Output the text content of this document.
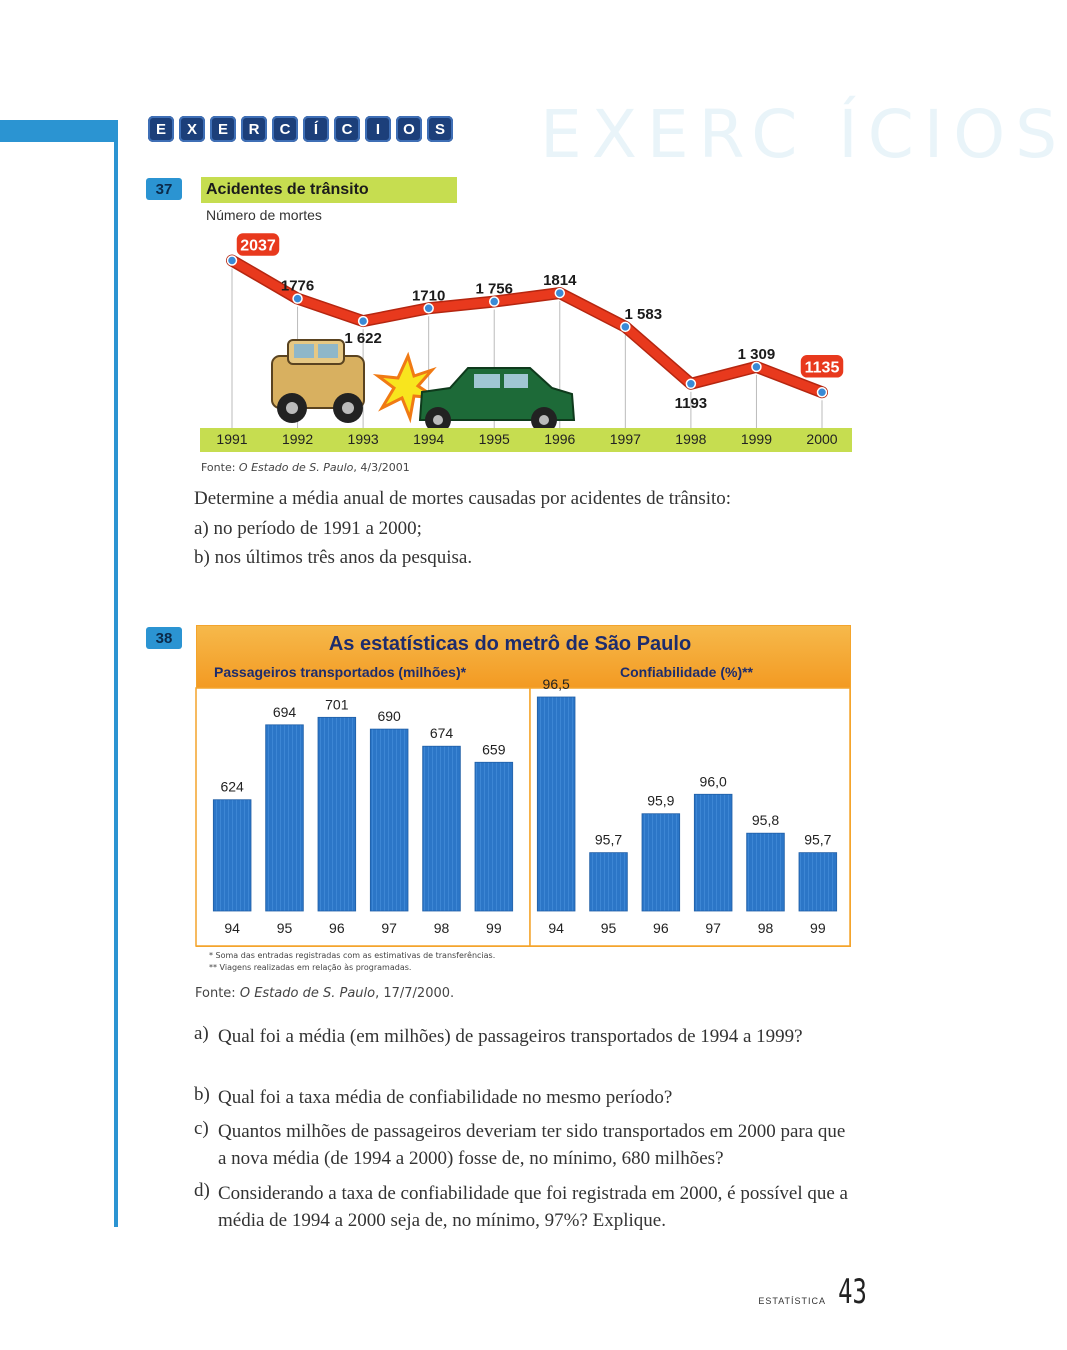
EXERC ÍCIOS
E	X	E	R	C	Í	C	I	O	S
37	Acidentes de trânsito
Número de mortes
1991 1992 1993 1994 1995 1996 1997 1998 1999 2000
2037
1776
1 622
1710 1 756 1814
1 583
1193
1 309
1135
Fonte: O Estado de S. Paulo, 4/3/2001
Determine a média anual de mortes causadas por acidentes de trânsito:
a) no período de 1991 a 2000;
b) nos últimos três anos da pesquisa.
38	As estatísticas do metrô de São Paulo
Passageiros transportados (milhões)*	Confiabilidade (%)**
624
94
694
95
701
96
690
97
674
98
659
99
96,5
94
95,7
95
95,9
96
96,0
97
95,8
98
95,7
99
* Soma das entradas registradas com as estimativas de transferências.
** Viagens realizadas em relação às programadas.
Fonte: O Estado de S. Paulo, 17/7/2000.
a) Qual foi a média (em milhões) de passageiros transportados de 1994 a 1999?
b) Qual foi a taxa média de confiabilidade no mesmo período?
c) Quantos milhões de passageiros deveriam ter sido transportados em 2000 para que a nova média (de 1994 a 2000) fosse de, no mínimo, 680 milhões?
d) Considerando a taxa de confiabilidade que foi registrada em 2000, é possível que a média de 1994 a 2000 seja de, no mínimo, 97%? Explique.
ESTATÍSTICA 43
